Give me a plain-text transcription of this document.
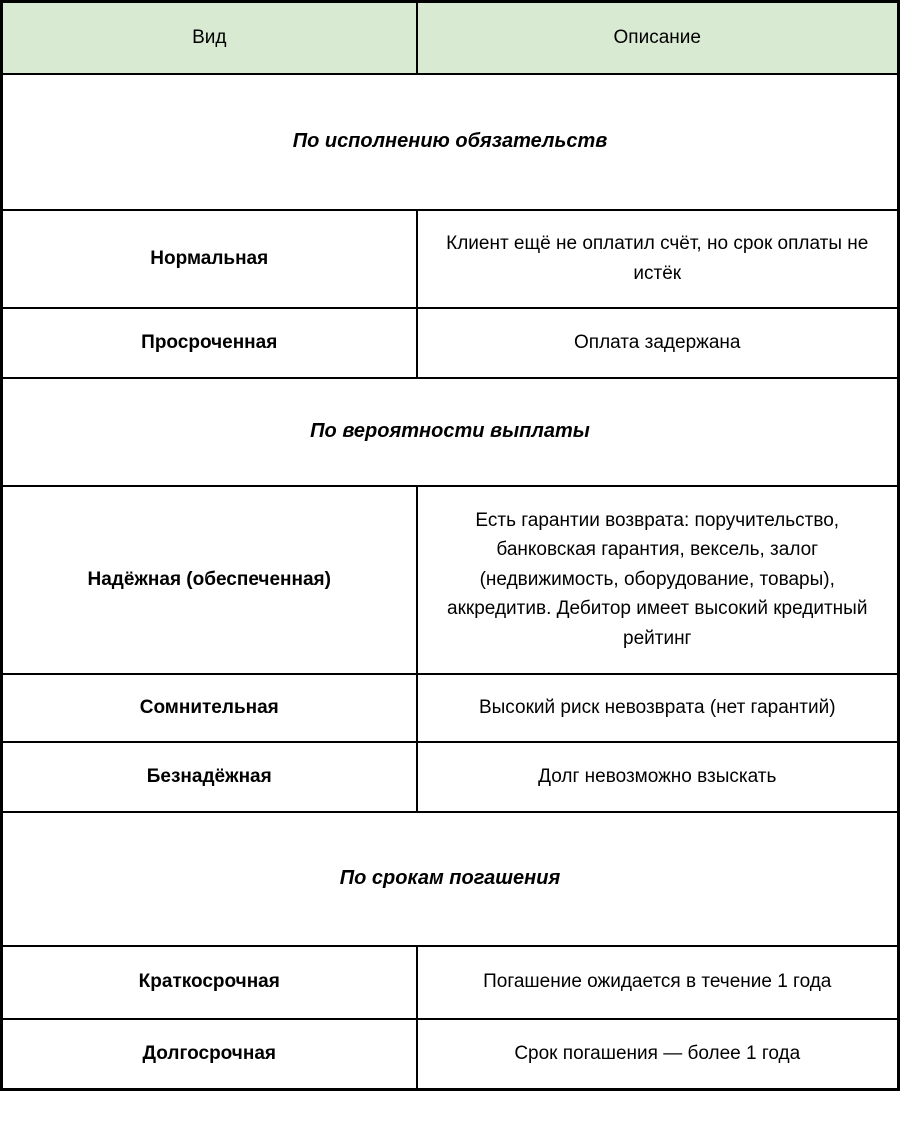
Вид	Описание
По исполнению обязательств	
Нормальная	Клиент ещё не оплатил счёт, но срок оплаты не истёк
Просроченная	Оплата задержана
По вероятности выплаты	
Надёжная (обеспеченная)	Есть гарантии возврата: поручительство, банковская гарантия, вексель, залог (недвижимость, оборудование, товары), аккредитив. Дебитор имеет высокий кредитный рейтинг
Сомнительная	Высокий риск невозврата (нет гарантий)
Безнадёжная	Долг невозможно взыскать
По срокам погашения	
Краткосрочная	Погашение ожидается в течение 1 года
Долгосрочная	Срок погашения — более 1 года
